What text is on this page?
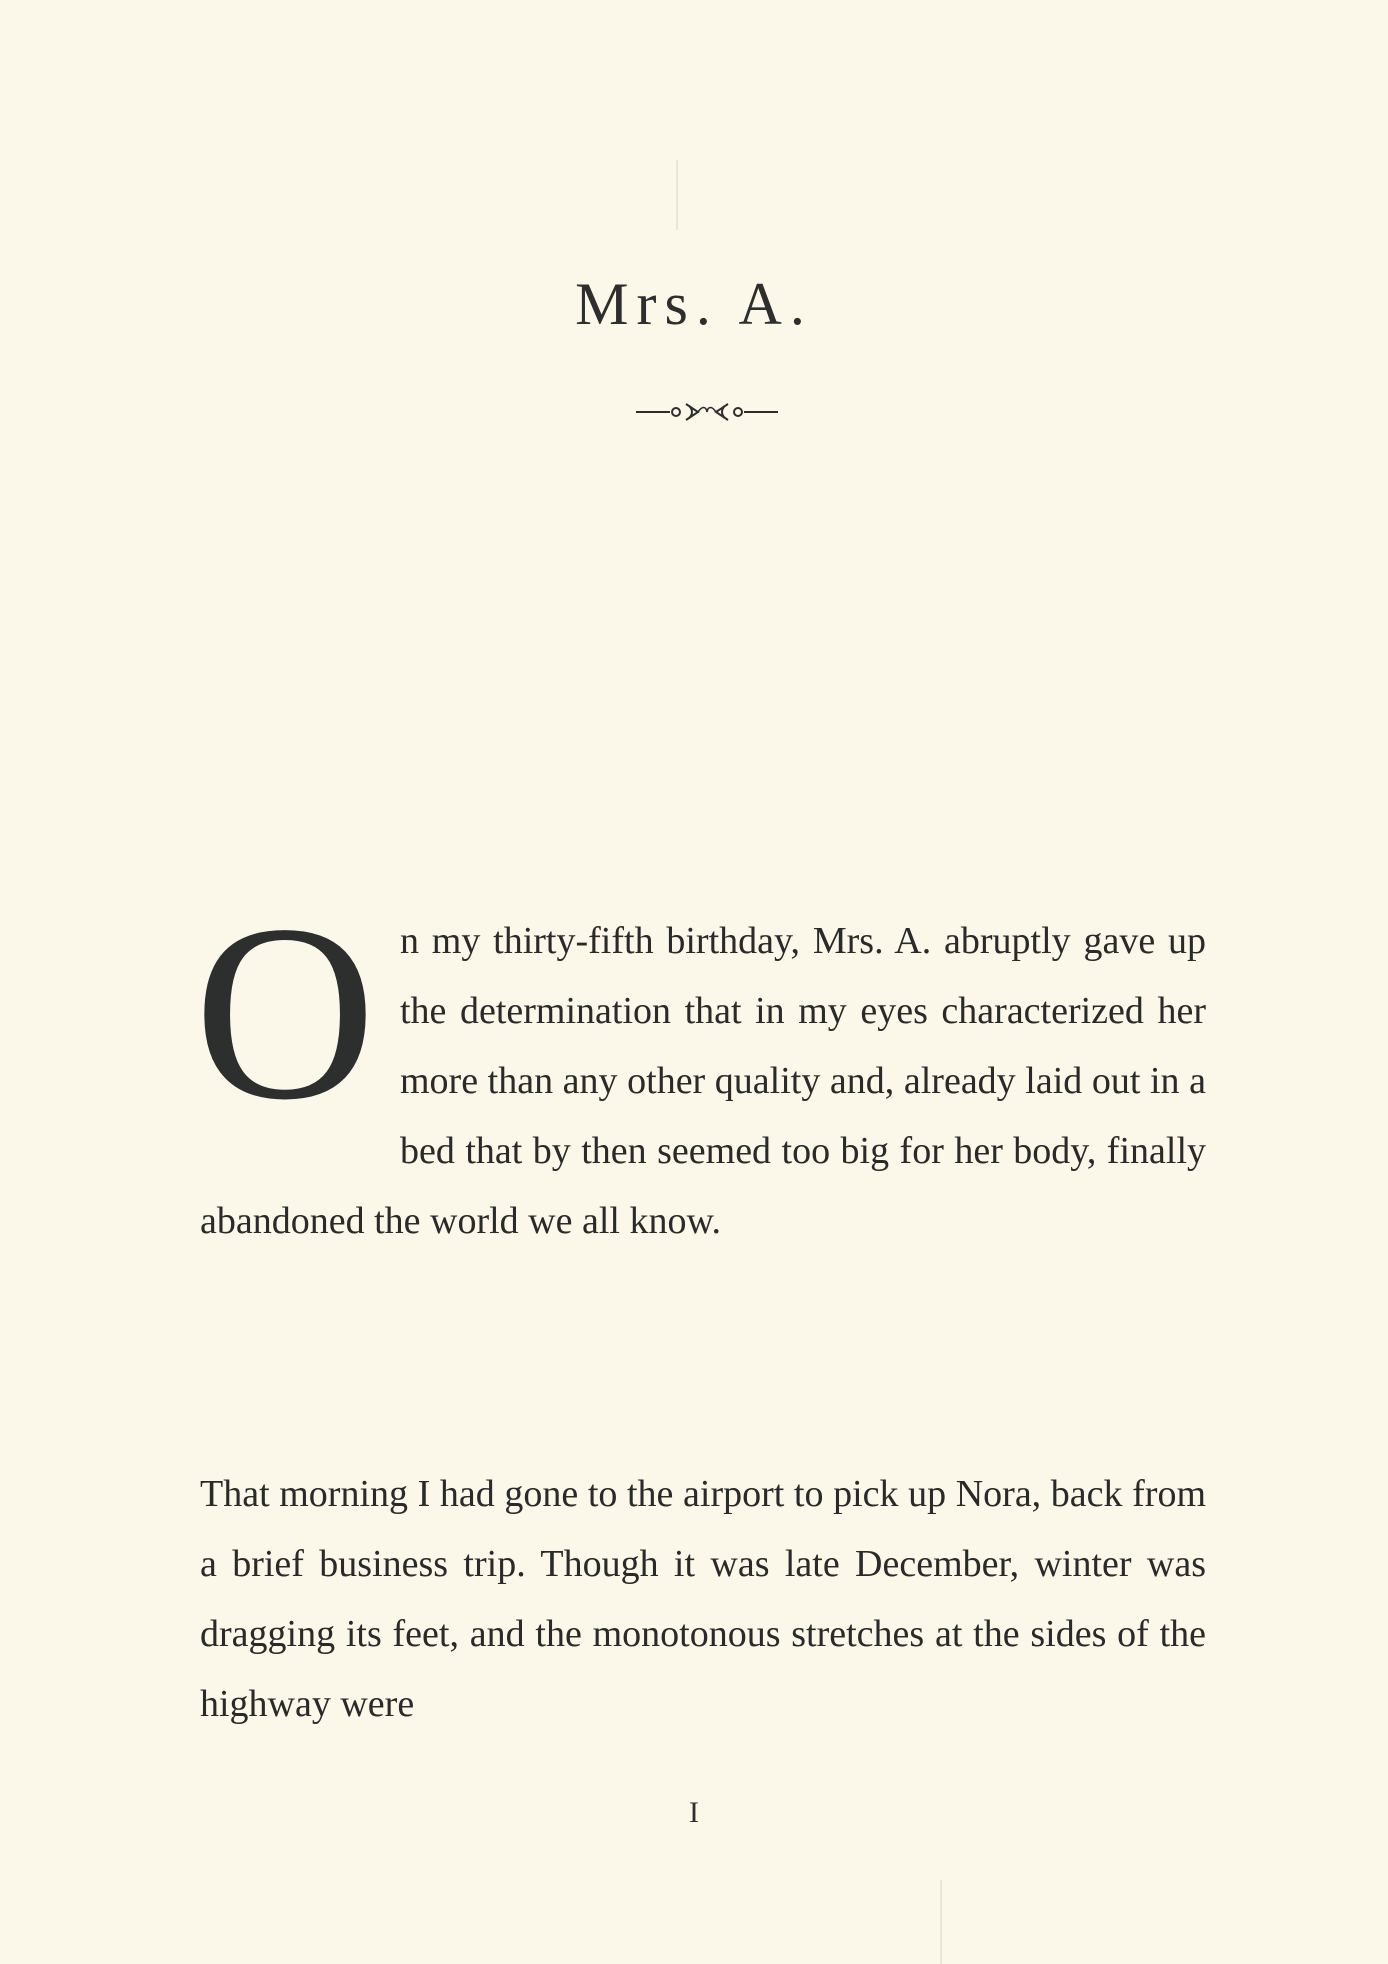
Mrs. A.

On my thirty-fifth birthday, Mrs. A. abruptly gave up the determination that in my eyes characterized her more than any other quality and, already laid out in a bed that by then seemed too big for her body, finally abandoned the world we all know.

That morning I had gone to the airport to pick up Nora, back from a brief business trip. Though it was late December, winter was dragging its feet, and the monotonous stretches at the sides of the highway were

I
